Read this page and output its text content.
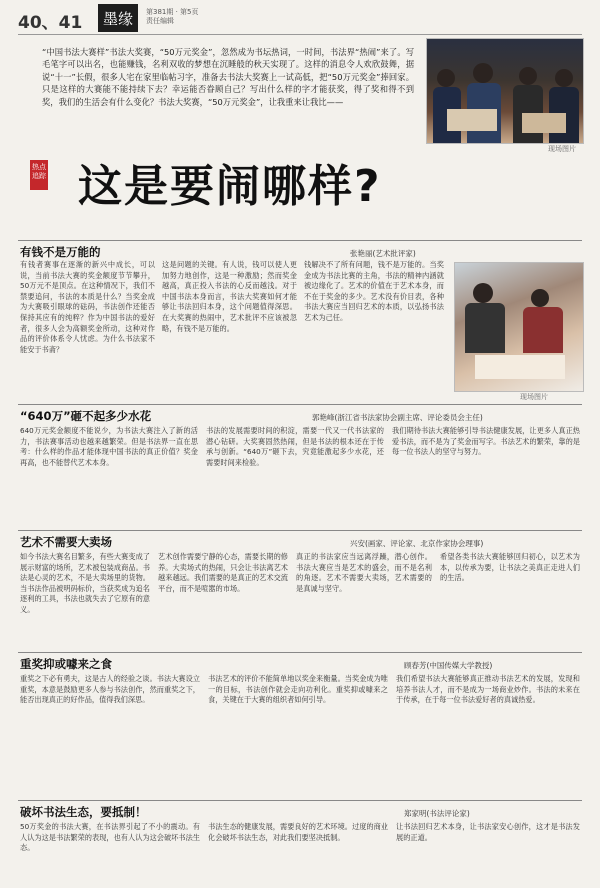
40、41	墨缘	第381期 · 第5页
责任编辑
“中国书法大赛样”书法大奖赛，“50万元奖金”，忽然成为书坛热词，一时间，书法界“热闹”来了。写毛笔字可以出名，也能赚钱，名利双收的梦想在沉睡般的秋天实现了。这样的消息令人欢欣鼓舞，据说“十一”长假，很多人宅在家里临帖习字，准备去书法大奖赛上一试高低，把“50万元奖金”捧回家。只是这样的大赛能不能持续下去？幸运能否眷顾自己？写出什么样的字才能获奖，得了奖和得不到奖，我们的生活会有什么变化？书法大奖赛，“50万元奖金”，让我重来让我比——
现场图片
热点追踪 这是要闹哪样?
有钱不是万能的	张艳丽(艺术批评家)
有钱者赛事在逐渐的新兴中成长，可以说，当前书法大赛的奖金额度节节攀升，50万元不是顶点。在这种情况下，我们不禁要追问，书法的本质是什么？当奖金成为大赛吸引眼球的砝码，书法创作还能否保持其应有的纯粹？作为中国书法的爱好者，很多人会为高额奖金所动，这种对作品的评价体系令人忧虑。为什么书法家不能安于书斋？
这是问题的关键。有人说，钱可以使人更加努力地创作，这是一种激励；然而奖金越高，真正投入书法的心反而越浅。对于中国书法本身而言，书法大奖赛如何才能够让书法回归本身，这个问题值得深思。在大奖赛的热闹中，艺术批评不应该被忽略，有钱不是万能的。
钱解决不了所有问题，钱不是万能的。当奖金成为书法比赛的主角，书法的精神内涵就被边缘化了。艺术的价值在于艺术本身，而不在于奖金的多少。艺术没有价目表，各种书法大赛应当回归艺术的本质，以弘扬书法艺术为己任。
现场图片
“640万”砸不起多少水花	郭艳峰(浙江省书法家协会副主席、评论委员会主任)
640万元奖金额度不能说少，为书法大赛注入了新的活力，书法赛事活动也越来越繁荣。但是书法界一直在思考：什么样的作品才能体现中国书法的真正价值？奖金再高，也不能替代艺术本身。
书法的发展需要时间的积淀，需要一代又一代书法家的潜心钻研。大奖赛固然热闹，但是书法的根本还在于传承与创新。“640万”砸下去，究竟能激起多少水花，还需要时间来检验。
我们期待书法大赛能够引导书法健康发展，让更多人真正热爱书法，而不是为了奖金而写字。书法艺术的繁荣，靠的是每一位书法人的坚守与努力。
艺术不需要大卖场	兴安(画家、评论家、北京作家协会理事)
如今书法大赛名目繁多，有些大赛变成了展示财富的场所，艺术被包装成商品。书法是心灵的艺术，不是大卖场里的货物。当书法作品被明码标价，当获奖成为追名逐利的工具，书法也就失去了它原有的意义。
艺术创作需要宁静的心态，需要长期的修养。大卖场式的热闹，只会让书法离艺术越来越远。我们需要的是真正的艺术交流平台，而不是喧嚣的市场。
真正的书法家应当远离浮躁，潜心创作。书法大赛应当是艺术的盛会，而不是名利的角逐。艺术不需要大卖场，艺术需要的是真诚与坚守。
希望各类书法大赛能够回归初心，以艺术为本，以传承为要，让书法之美真正走进人们的生活。
重奖抑或噱来之食	顾春芳(中国传媒大学教授)
重奖之下必有勇夫，这是古人的经验之谈。书法大赛设立重奖，本意是鼓励更多人参与书法创作，然而重奖之下，能否出现真正的好作品，值得我们深思。
书法艺术的评价不能简单地以奖金来衡量。当奖金成为唯一的目标，书法创作就会走向功利化。重奖抑或噱来之食，关键在于大赛的组织者如何引导。
我们希望书法大赛能够真正推动书法艺术的发展，发现和培养书法人才，而不是成为一场商业炒作。书法的未来在于传承，在于每一位书法爱好者的真诚热爱。
破坏书法生态，要抵制！	郑家明(书法评论家)
50万奖金的书法大赛，在书法界引起了不小的震动。有人认为这是书法繁荣的表现，也有人认为这会破坏书法生态。
书法生态的健康发展，需要良好的艺术环境。过度的商业化会破坏书法生态，对此我们要坚决抵制。
让书法回归艺术本身，让书法家安心创作，这才是书法发展的正道。
